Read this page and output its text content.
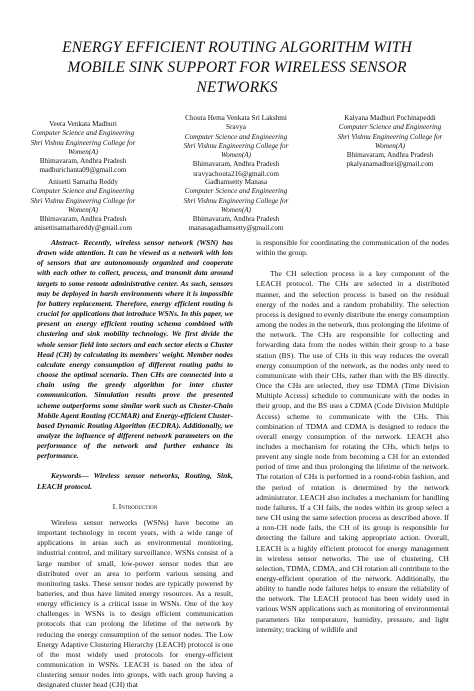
ENERGY EFFICIENT ROUTING ALGORITHM WITH
MOBILE SINK SUPPORT FOR WIRELESS SENSOR
NETWORKS
Veera Venkata Madhuri
Computer Science and Engineering
Shri Vishnu Engineering College for
Women(A)
Bhimavaram, Andhra Pradesh
madhurichanta09@gmail.com
Chouta Hema Venkata Sri Lakshmi
Sravya
Computer Science and Engineering
Shri Vishnu Engineering College for
Women(A)
Bhimavaram, Andhra Pradesh
sravyachouta216@gmail.com
Kalyana Madhuri Pochinapeddi
Computer Science and Engineering
Shri Vishnu Engineering College for
Women(A)
Bhimavaram, Andhra Pradesh
pkalyanamadhuri@gmail.com
Anisetti Samatha Reddy
Computer Science and Engineering
Shri Vishnu Engineering College for
Women(A)
Bhimavaram, Andhra Pradesh
anisettisamathareddy@gmail.com
Gadhamsetty Manasa
Computer Science and Engineering
Shri Vishnu Engineering College for
Women(A)
Bhimavaram, Andhra Pradesh
manasagadhamsetty@gmail.com

Abstract- Recently, wireless sensor network (WSN) has drawn wide attention. It can be viewed as a network with lots of sensors that are autonomously organized and cooperate with each other to collect, process, and transmit data around targets to some remote administrative center. As such, sensors may be deployed in harsh environments where it is impossible for battery replacement. Therefore, energy efficient routing is crucial for applications that introduce WSNs. In this paper, we present an energy efficient routing schema combined with clustering and sink mobility technology. We first divide the whole sensor field into sectors and each sector elects a Cluster Head (CH) by calculating its members' weight. Member nodes calculate energy consumption of different routing paths to choose the optimal scenario. Then CHs are connected into a chain using the greedy algorithm for inter cluster communication. Simulation results prove the presented scheme outperforms some similar work such as Cluster-Chain Mobile Agent Routing (CCMAR) and Energy-efficient Cluster-based Dynamic Routing Algorithm (ECDRA). Additionally, we analyze the influence of different network parameters on the performance of the network and further enhance its performance.

Keywords— Wireless sensor networks, Routing, Sink, LEACH protocol.

I. Introduction

Wireless sensor networks (WSNs) have become an important technology in recent years, with a wide range of applications in areas such as environmental monitoring, industrial control, and military surveillance. WSNs consist of a large number of small, low-power sensor nodes that are distributed over an area to perform various sensing and monitoring tasks. These sensor nodes are typically powered by batteries, and thus have limited energy resources. As a result, energy efficiency is a critical issue in WSNs. One of the key challenges in WSNs is to design efficient communication protocols that can prolong the lifetime of the network by reducing the energy consumption of the sensor nodes. The Low Energy Adaptive Clustering Hierarchy (LEACH) protocol is one of the most widely used protocols for energy-efficient communication in WSNs. LEACH is based on the idea of clustering sensor nodes into groups, with each group having a designated cluster head (CH) that

is responsible for coordinating the communication of the nodes within the group.

The CH selection process is a key component of the LEACH protocol. The CHs are selected in a distributed manner, and the selection process is based on the residual energy of the nodes and a random probability. The selection process is designed to evenly distribute the energy consumption among the nodes in the network, thus prolonging the lifetime of the network. The CHs are responsible for collecting and forwarding data from the nodes within their group to a base station (BS). The use of CHs in this way reduces the overall energy consumption of the network, as the nodes only need to communicate with their CHs, rather than with the BS directly. Once the CHs are selected, they use TDMA (Time Division Multiple Access) schedule to communicate with the nodes in their group, and the BS uses a CDMA (Code Division Multiple Access) scheme to communicate with the CHs. This combination of TDMA and CDMA is designed to reduce the overall energy consumption of the network. LEACH also includes a mechanism for rotating the CHs, which helps to prevent any single node from becoming a CH for an extended period of time and thus prolonging the lifetime of the network. The rotation of CHs is performed in a round-robin fashion, and the period of rotation is determined by the network administrator. LEACH also includes a mechanism for handling node failures. If a CH fails, the nodes within its group select a new CH using the same selection process as described above. If a non-CH node fails, the CH of its group is responsible for detecting the failure and taking appropriate action. Overall, LEACH is a highly efficient protocol for energy management in wireless sensor networks. The use of clustering, CH selection, TDMA, CDMA, and CH rotation all contribute to the energy-efficient operation of the network. Additionally, the ability to handle node failures helps to ensure the reliability of the network. The LEACH protocol has been widely used in various WSN applications such as monitoring of environmental parameters like temperature, humidity, pressure, and light intensity; tracking of wildlife and
